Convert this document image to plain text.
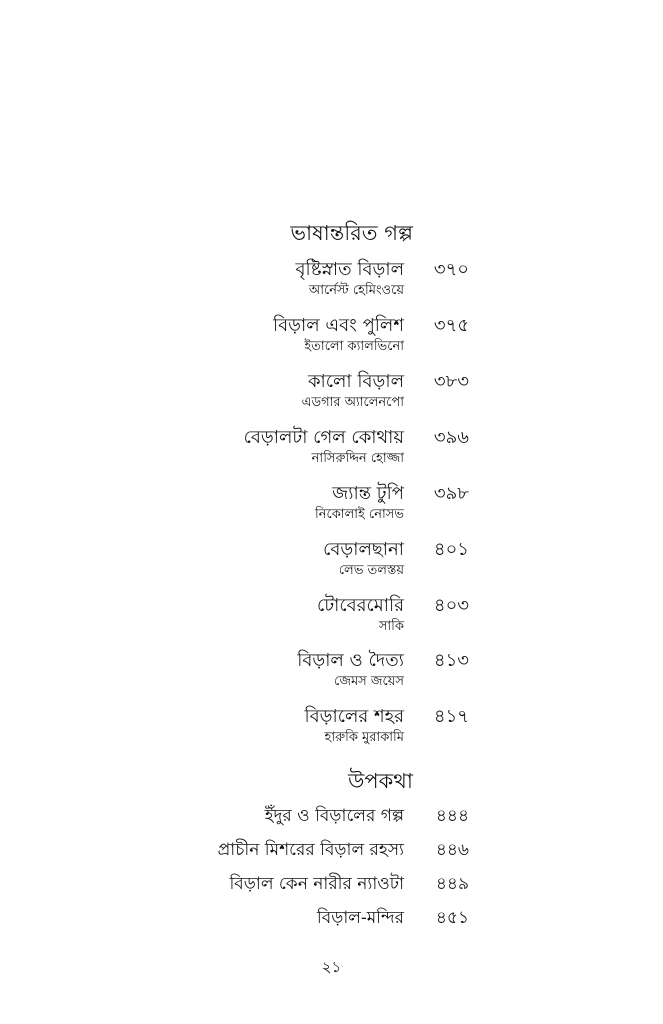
ভাষান্তরিত গল্প
বৃষ্টিস্নাত বিড়াল ৩৭০
আর্নেস্ট হেমিংওয়ে
বিড়াল এবং পুলিশ ৩৭৫
ইতালো ক্যালভিনো
কালো বিড়াল ৩৮৩
এডগার অ্যালেনপো
বেড়ালটা গেল কোথায় ৩৯৬
নাসিরুদ্দিন হোজ্জা
জ্যান্ত টুপি ৩৯৮
নিকোলাই নোসভ
বেড়ালছানা ৪০১
লেভ তলস্তয়
টোবেরমোরি ৪০৩
সাকি
বিড়াল ও দৈত্য ৪১৩
জেমস জয়েস
বিড়ালের শহর ৪১৭
হারুকি মুরাকামি
উপকথা
ইঁদুর ও বিড়ালের গল্প ৪৪৪
প্রাচীন মিশরের বিড়াল রহস্য ৪৪৬
বিড়াল কেন নারীর ন্যাওটা ৪৪৯
বিড়াল-মন্দির ৪৫১
২১
